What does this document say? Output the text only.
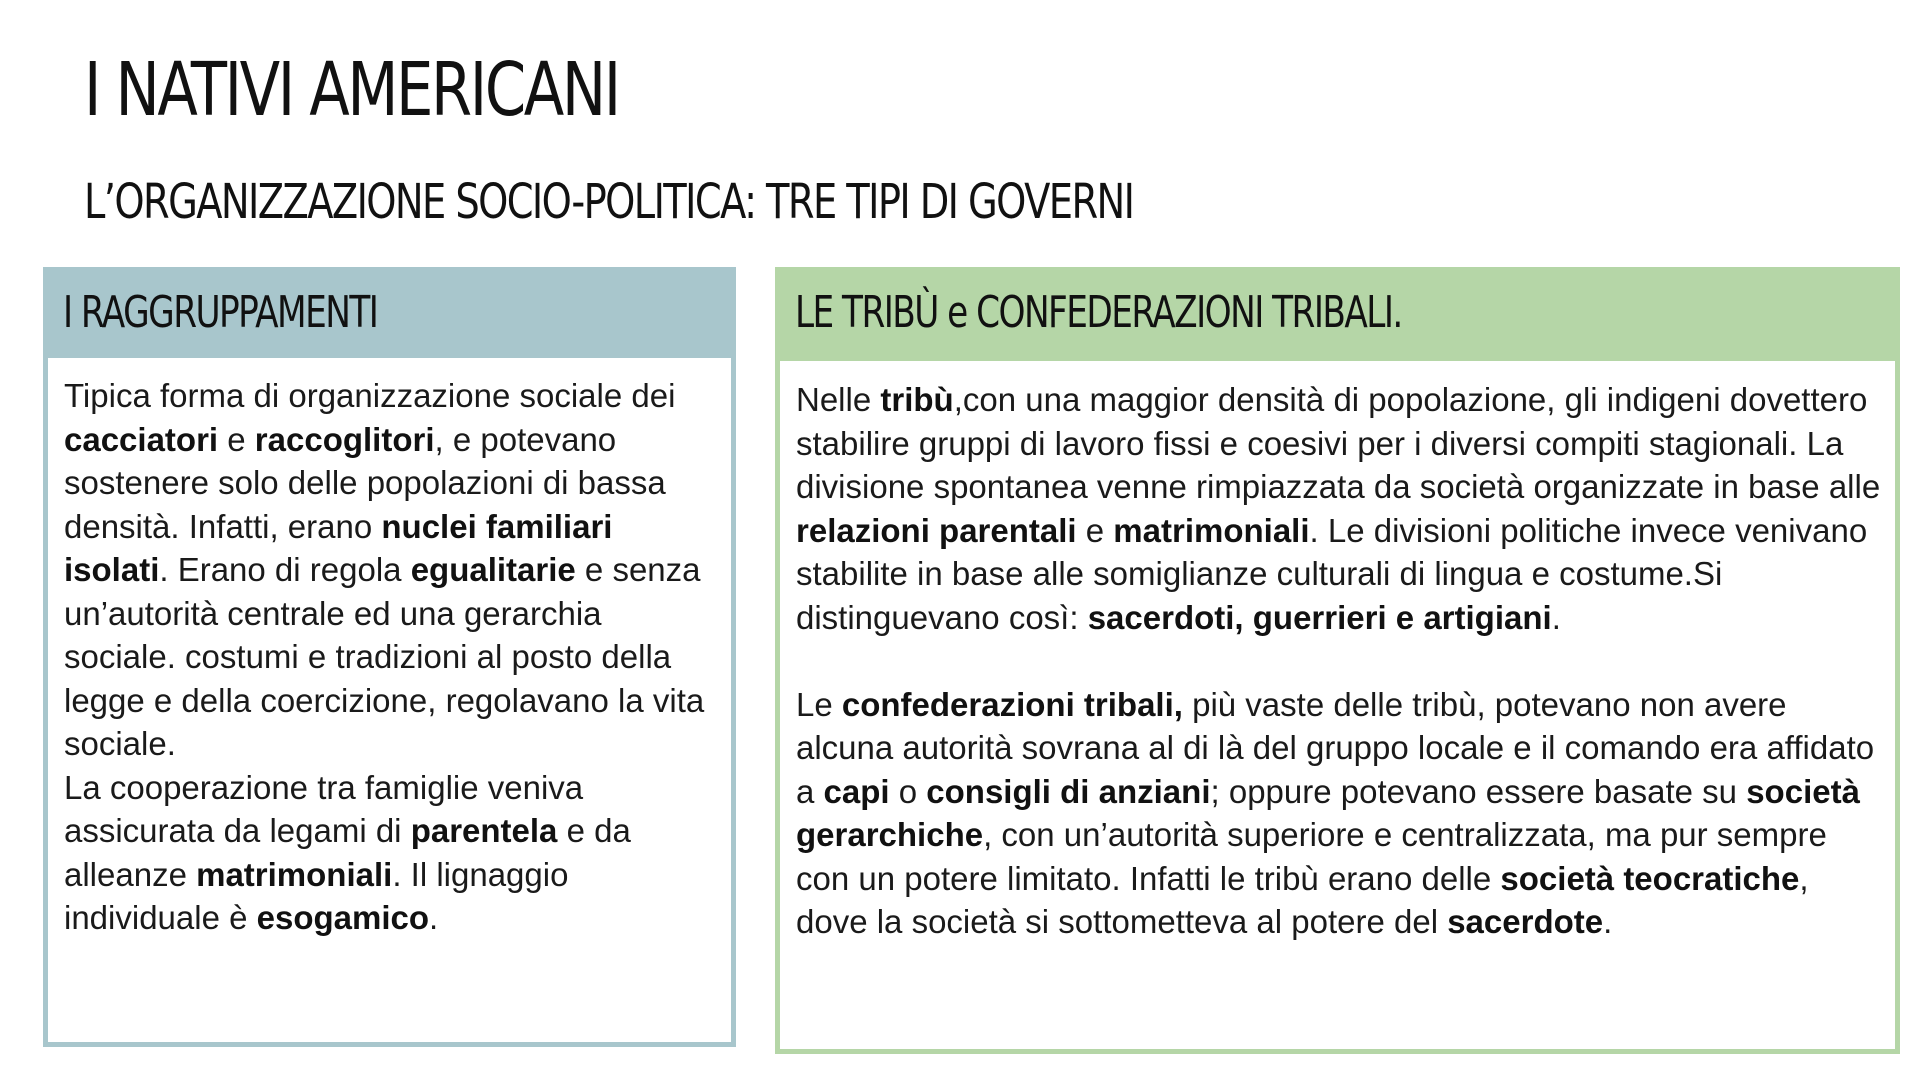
I NATIVI AMERICANI
L’ORGANIZZAZIONE SOCIO-POLITICA: TRE TIPI DI GOVERNI
I RAGGRUPPAMENTI

Tipica forma di organizzazione sociale dei cacciatori e raccoglitori, e potevano sostenere solo delle popolazioni di bassa densità. Infatti, erano nuclei familiari isolati. Erano di regola egualitarie e senza un’autorità centrale ed una gerarchia sociale. costumi e tradizioni al posto della legge e della coercizione, regolavano la vita sociale.

La cooperazione tra famiglie veniva assicurata da legami di parentela e da alleanze matrimoniali. Il lignaggio individuale è esogamico.

LE TRIBÙ e CONFEDERAZIONI TRIBALI.

Nelle tribù,con una maggior densità di popolazione, gli indigeni dovettero stabilire gruppi di lavoro fissi e coesivi per i diversi compiti stagionali. La divisione spontanea venne rimpiazzata da società organizzate in base alle relazioni parentali e matrimoniali. Le divisioni politiche invece venivano stabilite in base alle somiglianze culturali di lingua e costume.Si distinguevano così: sacerdoti, guerrieri e artigiani.

Le confederazioni tribali, più vaste delle tribù, potevano non avere alcuna autorità sovrana al di là del gruppo locale e il comando era affidato a capi o consigli di anziani; oppure potevano essere basate su società gerarchiche, con un’autorità superiore e centralizzata, ma pur sempre con un potere limitato. Infatti le tribù erano delle società teocratiche, dove la società si sottometteva al potere del sacerdote.
